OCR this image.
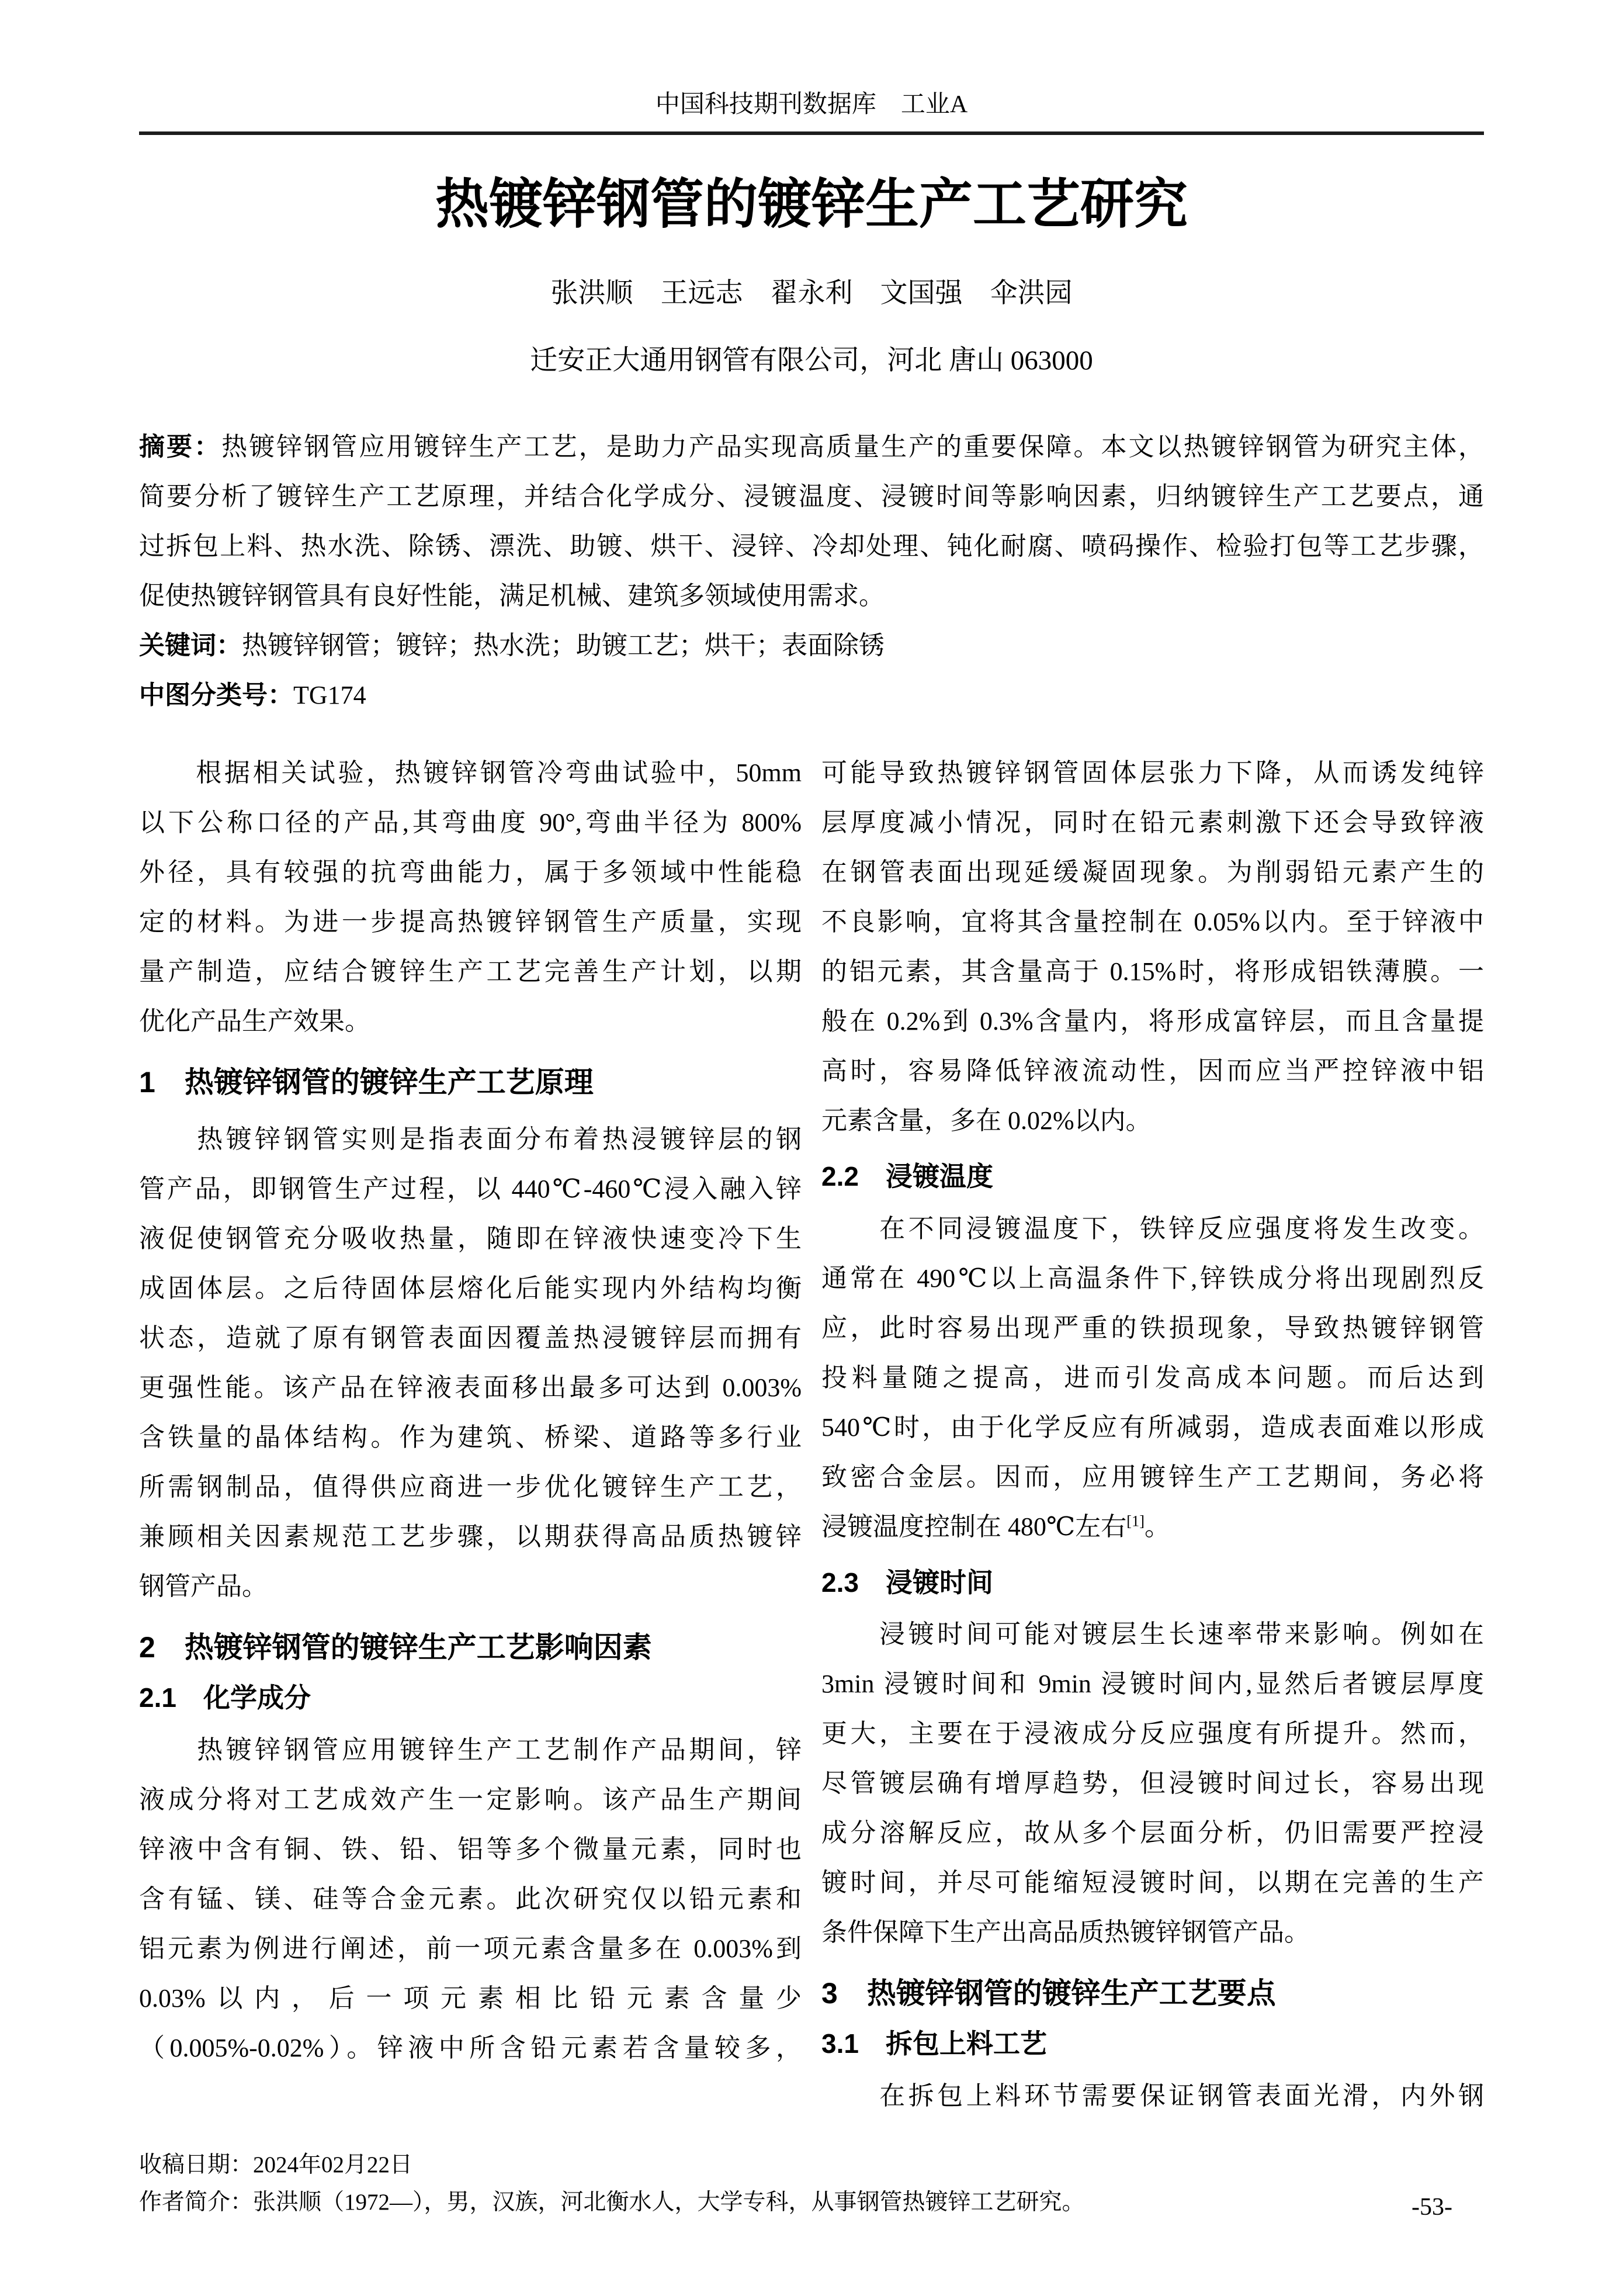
中国科技期刊数据库　工业A
热镀锌钢管的镀锌生产工艺研究
张洪顺　王远志　翟永利　文国强　伞洪园
迁安正大通用钢管有限公司，河北 唐山 063000
摘要：热镀锌钢管应用镀锌生产工艺，是助力产品实现高质量生产的重要保障。本文以热镀锌钢管为研究主体，
简要分析了镀锌生产工艺原理，并结合化学成分、浸镀温度、浸镀时间等影响因素，归纳镀锌生产工艺要点，通
过拆包上料、热水洗、除锈、漂洗、助镀、烘干、浸锌、冷却处理、钝化耐腐、喷码操作、检验打包等工艺步骤，
促使热镀锌钢管具有良好性能，满足机械、建筑多领域使用需求。
关键词：热镀锌钢管；镀锌；热水洗；助镀工艺；烘干；表面除锈
中图分类号：TG174
　　根据相关试验，热镀锌钢管冷弯曲试验中，50mm
以下公称口径的产品,其弯曲度 90°,弯曲半径为 800%
外径，具有较强的抗弯曲能力，属于多领域中性能稳
定的材料。为进一步提高热镀锌钢管生产质量，实现
量产制造，应结合镀锌生产工艺完善生产计划，以期
优化产品生产效果。
1　热镀锌钢管的镀锌生产工艺原理
　　热镀锌钢管实则是指表面分布着热浸镀锌层的钢
管产品，即钢管生产过程，以 440℃-460℃浸入融入锌
液促使钢管充分吸收热量，随即在锌液快速变冷下生
成固体层。之后待固体层熔化后能实现内外结构均衡
状态，造就了原有钢管表面因覆盖热浸镀锌层而拥有
更强性能。该产品在锌液表面移出最多可达到 0.003%
含铁量的晶体结构。作为建筑、桥梁、道路等多行业
所需钢制品，值得供应商进一步优化镀锌生产工艺，
兼顾相关因素规范工艺步骤，以期获得高品质热镀锌
钢管产品。
2　热镀锌钢管的镀锌生产工艺影响因素
2.1　化学成分
　　热镀锌钢管应用镀锌生产工艺制作产品期间，锌
液成分将对工艺成效产生一定影响。该产品生产期间
锌液中含有铜、铁、铅、铝等多个微量元素，同时也
含有锰、镁、硅等合金元素。此次研究仅以铅元素和
铝元素为例进行阐述，前一项元素含量多在 0.003%到
0.03%以内，后一项元素相比铅元素含量少
（0.005%-0.02%）。锌液中所含铅元素若含量较多，
可能导致热镀锌钢管固体层张力下降，从而诱发纯锌
层厚度减小情况，同时在铅元素刺激下还会导致锌液
在钢管表面出现延缓凝固现象。为削弱铅元素产生的
不良影响，宜将其含量控制在 0.05%以内。至于锌液中
的铝元素，其含量高于 0.15%时，将形成铝铁薄膜。一
般在 0.2%到 0.3%含量内，将形成富锌层，而且含量提
高时，容易降低锌液流动性，因而应当严控锌液中铝
元素含量，多在 0.02%以内。
2.2　浸镀温度
　　在不同浸镀温度下，铁锌反应强度将发生改变。
通常在 490℃以上高温条件下,锌铁成分将出现剧烈反
应，此时容易出现严重的铁损现象，导致热镀锌钢管
投料量随之提高，进而引发高成本问题。而后达到
540℃时，由于化学反应有所减弱，造成表面难以形成
致密合金层。因而，应用镀锌生产工艺期间，务必将
浸镀温度控制在 480℃左右[1]。
2.3　浸镀时间
　　浸镀时间可能对镀层生长速率带来影响。例如在
3min 浸镀时间和 9min 浸镀时间内,显然后者镀层厚度
更大，主要在于浸液成分反应强度有所提升。然而，
尽管镀层确有增厚趋势，但浸镀时间过长，容易出现
成分溶解反应，故从多个层面分析，仍旧需要严控浸
镀时间，并尽可能缩短浸镀时间，以期在完善的生产
条件保障下生产出高品质热镀锌钢管产品。
3　热镀锌钢管的镀锌生产工艺要点
3.1　拆包上料工艺
　　在拆包上料环节需要保证钢管表面光滑，内外钢
收稿日期：2024年02月22日
作者简介：张洪顺（1972—），男，汉族，河北衡水人，大学专科，从事钢管热镀锌工艺研究。	-53-
